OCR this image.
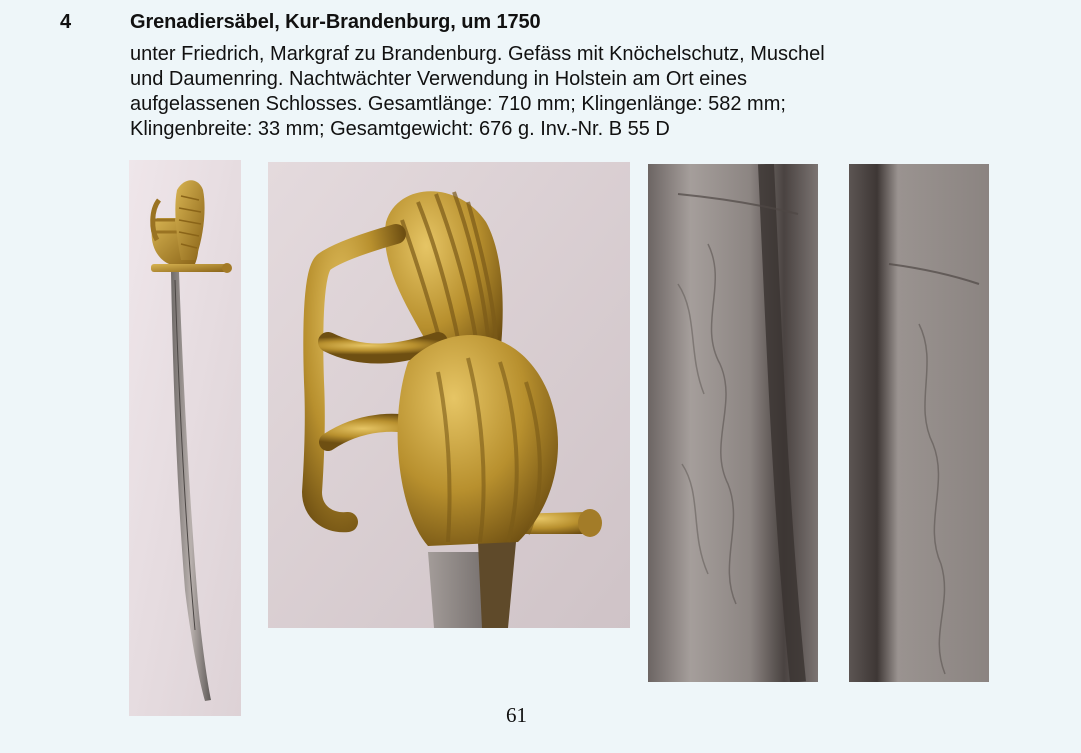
4	Grenadiersäbel, Kur-Brandenburg, um 1750
unter Friedrich, Markgraf zu Brandenburg. Gefäss mit Knöchelschutz, Muschel
und Daumenring. Nachtwächter Verwendung in Holstein am Ort eines
aufgelassenen Schlosses. Gesamtlänge: 710 mm; Klingenlänge: 582 mm;
Klingenbreite: 33 mm; Gesamtgewicht: 676 g. Inv.-Nr. B 55 D
61
